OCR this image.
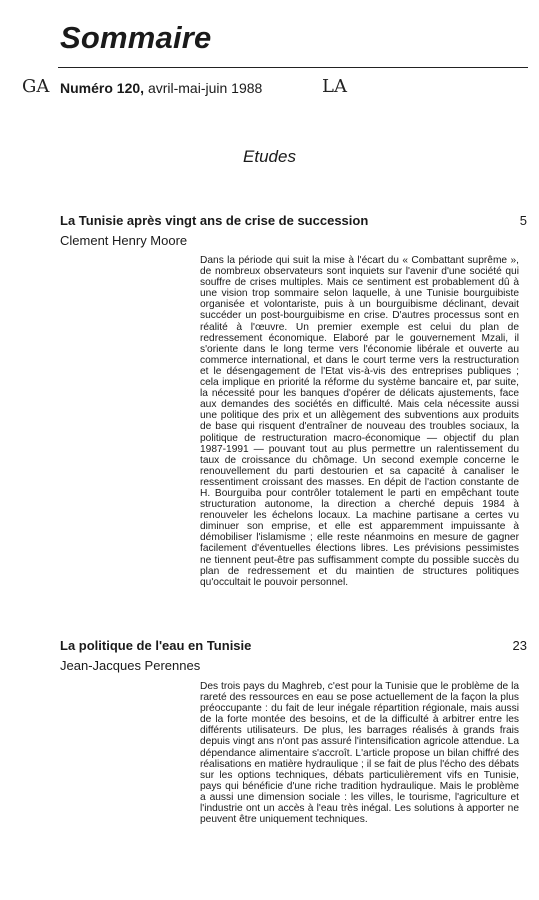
Sommaire
GA Numéro 120, avril-mai-juin 1988	LA
Etudes
La Tunisie après vingt ans de crise de succession	5
Clement Henry Moore

Dans la période qui suit la mise à l'écart du « Combattant suprême », de nombreux observateurs sont inquiets sur l'avenir d'une société qui souffre de crises multiples. Mais ce sentiment est probablement dû à une vision trop sommaire selon laquelle, à une Tunisie bourguibiste organisée et volontariste, puis à un bourguibisme déclinant, devait succéder un post-bourguibisme en crise. D'autres processus sont en réalité à l'œuvre. Un premier exemple est celui du plan de redressement économique. Elaboré par le gouvernement Mzali, il s'oriente dans le long terme vers l'économie libérale et ouverte au commerce international, et dans le court terme vers la restructuration et le désengagement de l'Etat vis-à-vis des entreprises publiques ; cela implique en priorité la réforme du système bancaire et, par suite, la nécessité pour les banques d'opérer de délicats ajustements, face aux demandes des sociétés en difficulté. Mais cela nécessite aussi une politique des prix et un allègement des subventions aux produits de base qui risquent d'entraîner de nouveau des troubles sociaux, la politique de restructuration macro-économique — objectif du plan 1987-1991 — pouvant tout au plus permettre un ralentissement du taux de croissance du chômage. Un second exemple concerne le renouvellement du parti destourien et sa capacité à canaliser le ressentiment croissant des masses. En dépit de l'action constante de H. Bourguiba pour contrôler totalement le parti en empêchant toute structuration autonome, la direction a cherché depuis 1984 à renouveler les échelons locaux. La machine partisane a certes vu diminuer son emprise, et elle est apparemment impuissante à démobiliser l'islamisme ; elle reste néanmoins en mesure de gagner facilement d'éventuelles élections libres. Les prévisions pessimistes ne tiennent peut-être pas suffisamment compte du possible succès du plan de redressement et du maintien de structures politiques qu'occultait le pouvoir personnel.

La politique de l'eau en Tunisie	23
Jean-Jacques Perennes

Des trois pays du Maghreb, c'est pour la Tunisie que le problème de la rareté des ressources en eau se pose actuellement de la façon la plus préoccupante : du fait de leur inégale répartition régionale, mais aussi de la forte montée des besoins, et de la difficulté à arbitrer entre les différents utilisateurs. De plus, les barrages réalisés à grands frais depuis vingt ans n'ont pas assuré l'intensification agricole attendue. La dépendance alimentaire s'accroît. L'article propose un bilan chiffré des réalisations en matière hydraulique ; il se fait de plus l'écho des débats sur les options techniques, débats particulièrement vifs en Tunisie, pays qui bénéficie d'une riche tradition hydraulique. Mais le problème a aussi une dimension sociale : les villes, le tourisme, l'agriculture et l'industrie ont un accès à l'eau très inégal. Les solutions à apporter ne peuvent être uniquement techniques.
